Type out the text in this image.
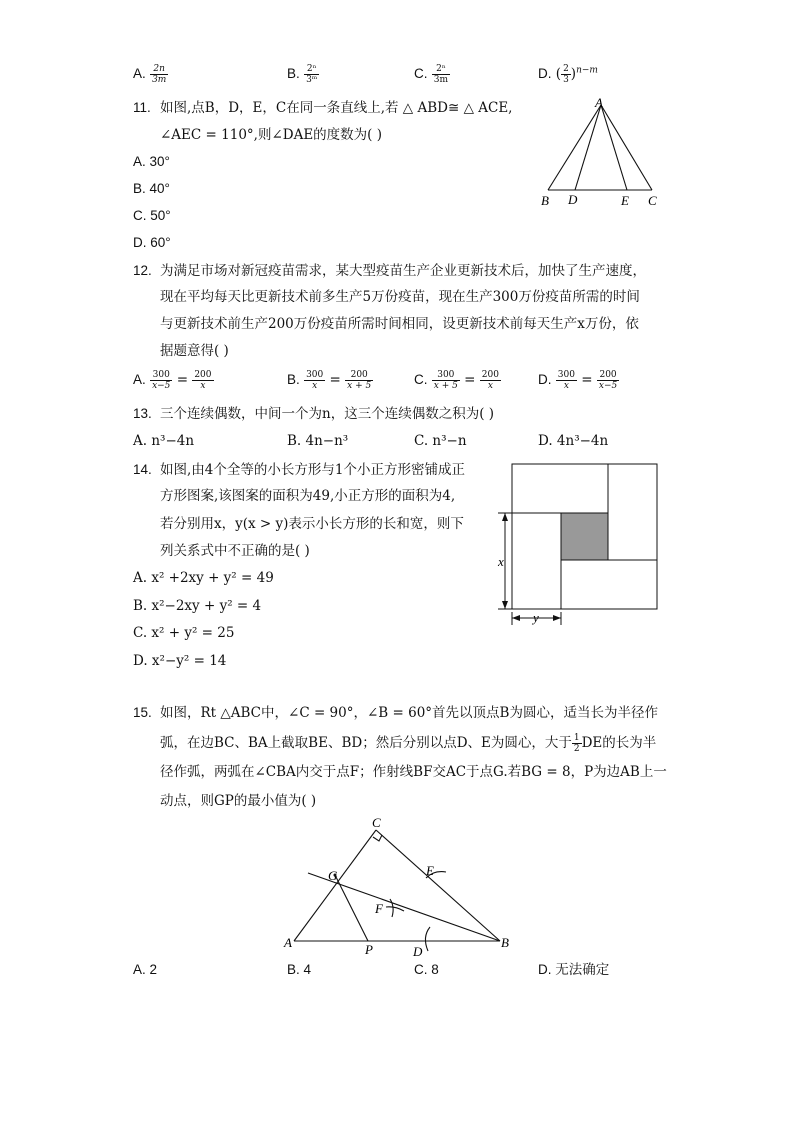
A. $\frac{2n}{3m}$	B. $\frac{\text{2ⁿ}}{\text{3ᵐ}}$	C. $\frac{\text{2ⁿ}}{3m}$	D. ( $\frac{2}{3} )^{n-m}$
11. 如图,点B，D，E，C在同一条直线上,若 △ ABD≅ △ ACE,
∠AEC = 110°,则∠DAE的度数为( )
A. 30°
B. 40°
C. 50°
D. 60°
A
B D	E C
12. 为满足市场对新冠疫苗需求，某大型疫苗生产企业更新技术后，加快了生产速度，
现在平均每天比更新技术前多生产5万份疫苗，现在生产300万份疫苗所需的时间
与更新技术前生产200万份疫苗所需时间相同，设更新技术前每天生产x万份，依
据题意得( )
A. $\frac{300}{x-5} = \frac{200}{x}$	B. $\frac{300}{x} = \frac{200}{x + 5}$	C. $\frac{300}{x + 5} = \frac{200}{x}$	D. $\frac{300}{x} = \frac{200}{x-5}$
13. 三个连续偶数，中间一个为n，这三个连续偶数之积为( )
A. n³−4n	B. 4n−n³	C. n³−n	D. 4n³−4n
14. 如图,由4个全等的小长方形与1个小正方形密铺成正
方形图案,该图案的面积为49,小正方形的面积为4,
若分别用x，y(x > y)表示小长方形的长和宽，则下
列关系式中不正确的是( )
A. x² +2xy + y² = 49
B. x²−2xy + y² = 4
C. x² + y² = 25
D. x²−y² = 14
x
y
15. 如图，Rt △ABC中，∠C = 90°，∠B = 60°首先以顶点B为圆心，适当长为半径作
弧，在边BC、BA上截取BE、BD；然后分别以点D、E为圆心，大于 $\frac{1}{2}$ DE的长为半
径作弧，两弧在∠CBA内交于点F；作射线BF交AC于点G.若BG = 8，P为边AB上一
动点，则GP的最小值为( )
C
G	E
F
A	P	D
B
A. 2	B. 4	C. 8	D. 无法确定
